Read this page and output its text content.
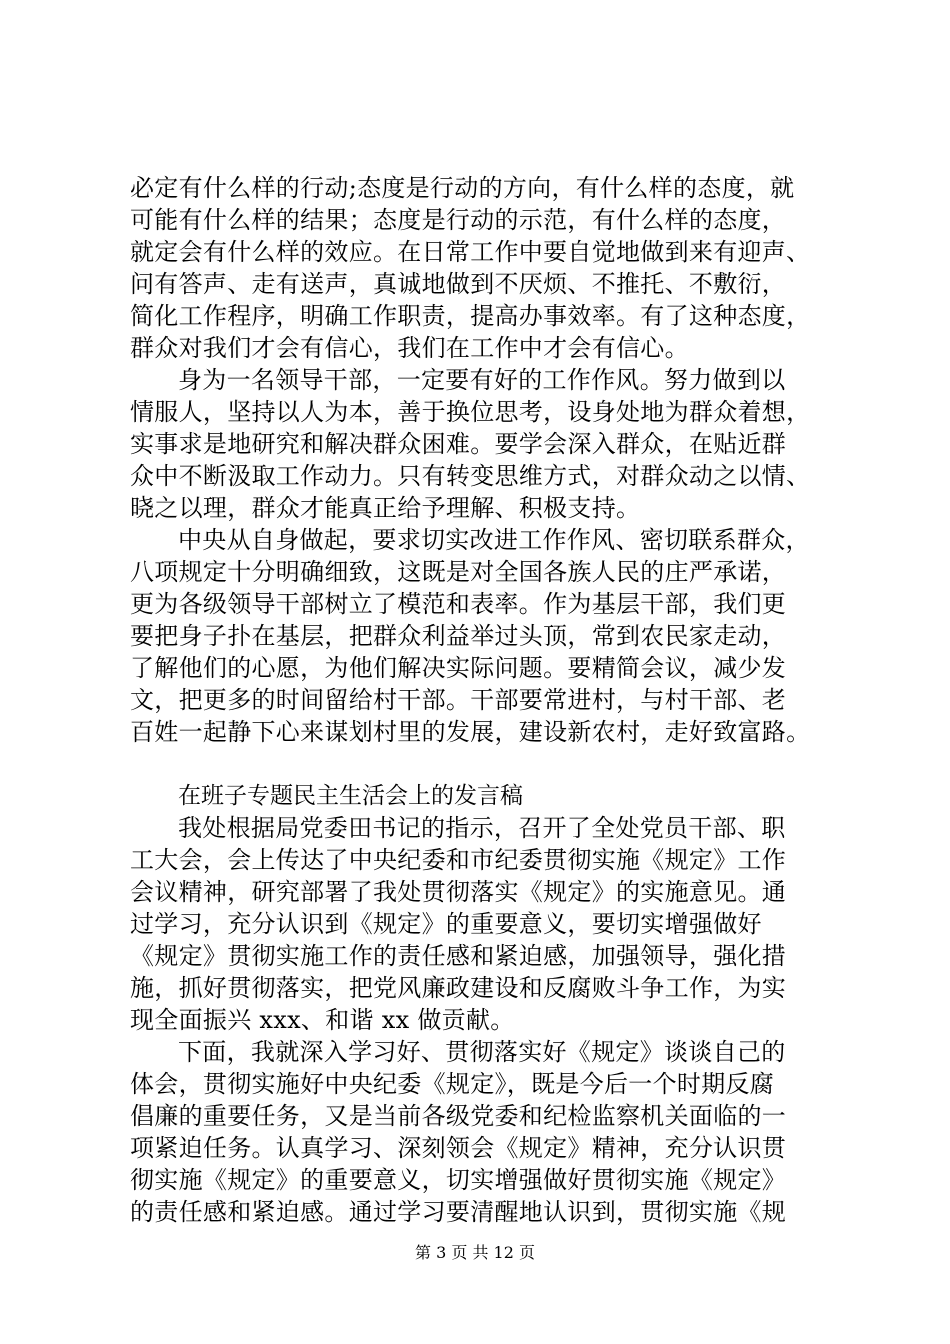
必定有什么样的行动;态度是行动的方向，有什么样的态度，就
可能有什么样的结果；态度是行动的示范，有什么样的态度，
就定会有什么样的效应。在日常工作中要自觉地做到来有迎声、
问有答声、走有送声，真诚地做到不厌烦、不推托、不敷衍，
简化工作程序，明确工作职责，提高办事效率。有了这种态度，
群众对我们才会有信心，我们在工作中才会有信心。
身为一名领导干部，一定要有好的工作作风。努力做到以
情服人，坚持以人为本，善于换位思考，设身处地为群众着想，
实事求是地研究和解决群众困难。要学会深入群众，在贴近群
众中不断汲取工作动力。只有转变思维方式，对群众动之以情、
晓之以理，群众才能真正给予理解、积极支持。
中央从自身做起，要求切实改进工作作风、密切联系群众，
八项规定十分明确细致，这既是对全国各族人民的庄严承诺，
更为各级领导干部树立了模范和表率。作为基层干部，我们更
要把身子扑在基层，把群众利益举过头顶，常到农民家走动，
了解他们的心愿，为他们解决实际问题。要精简会议，减少发
文，把更多的时间留给村干部。干部要常进村，与村干部、老
百姓一起静下心来谋划村里的发展，建设新农村，走好致富路。
在班子专题民主生活会上的发言稿
我处根据局党委田书记的指示，召开了全处党员干部、职
工大会，会上传达了中央纪委和市纪委贯彻实施《规定》工作
会议精神，研究部署了我处贯彻落实《规定》的实施意见。通
过学习，充分认识到《规定》的重要意义，要切实增强做好
《规定》贯彻实施工作的责任感和紧迫感，加强领导，强化措
施，抓好贯彻落实，把党风廉政建设和反腐败斗争工作，为实
现全面振兴 xxx、和谐 xx 做贡献。
下面，我就深入学习好、贯彻落实好《规定》谈谈自己的
体会，贯彻实施好中央纪委《规定》，既是今后一个时期反腐
倡廉的重要任务，又是当前各级党委和纪检监察机关面临的一
项紧迫任务。认真学习、深刻领会《规定》精神，充分认识贯
彻实施《规定》的重要意义，切实增强做好贯彻实施《规定》
的责任感和紧迫感。通过学习要清醒地认识到，贯彻实施《规
第 3 页 共 12 页
